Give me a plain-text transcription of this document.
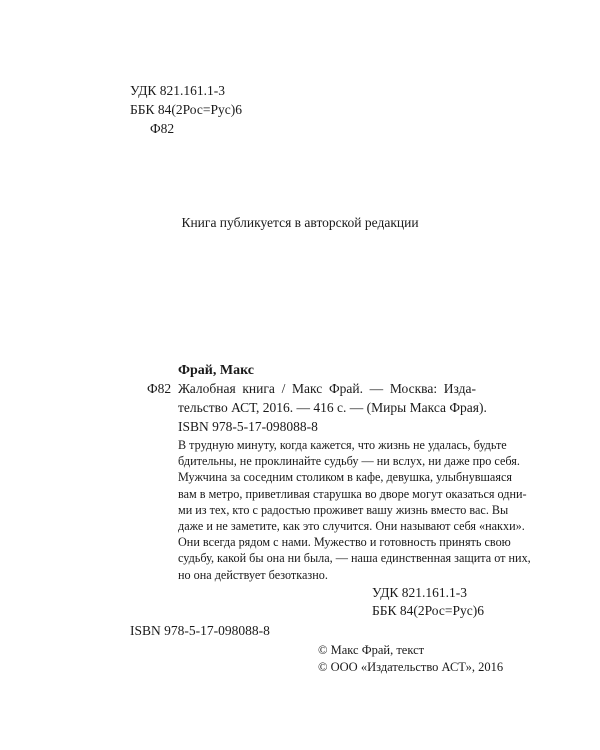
УДК 821.161.1-3
ББК 84(2Рос=Рус)6
Ф82
Книга публикуется в авторской редакции
Фрай, Макс
Ф82 Жалобная книга / Макс Фрай. — Москва: Изда-
тельство АСТ, 2016. — 416 с. — (Миры Макса Фрая).
ISBN 978-5-17-098088-8
В трудную минуту, когда кажется, что жизнь не удалась, будьте
бдительны, не проклинайте судьбу — ни вслух, ни даже про себя.
Мужчина за соседним столиком в кафе, девушка, улыбнувшаяся
вам в метро, приветливая старушка во дворе могут оказаться одни-
ми из тех, кто с радостью проживет вашу жизнь вместо вас. Вы
даже и не заметите, как это случится. Они называют себя «накхи».
Они всегда рядом с нами. Мужество и готовность принять свою
судьбу, какой бы она ни была, — наша единственная защита от них,
но она действует безотказно.
УДК 821.161.1-3
ББК 84(2Рос=Рус)6
ISBN 978-5-17-098088-8
© Макс Фрай, текст
© ООО «Издательство АСТ», 2016
